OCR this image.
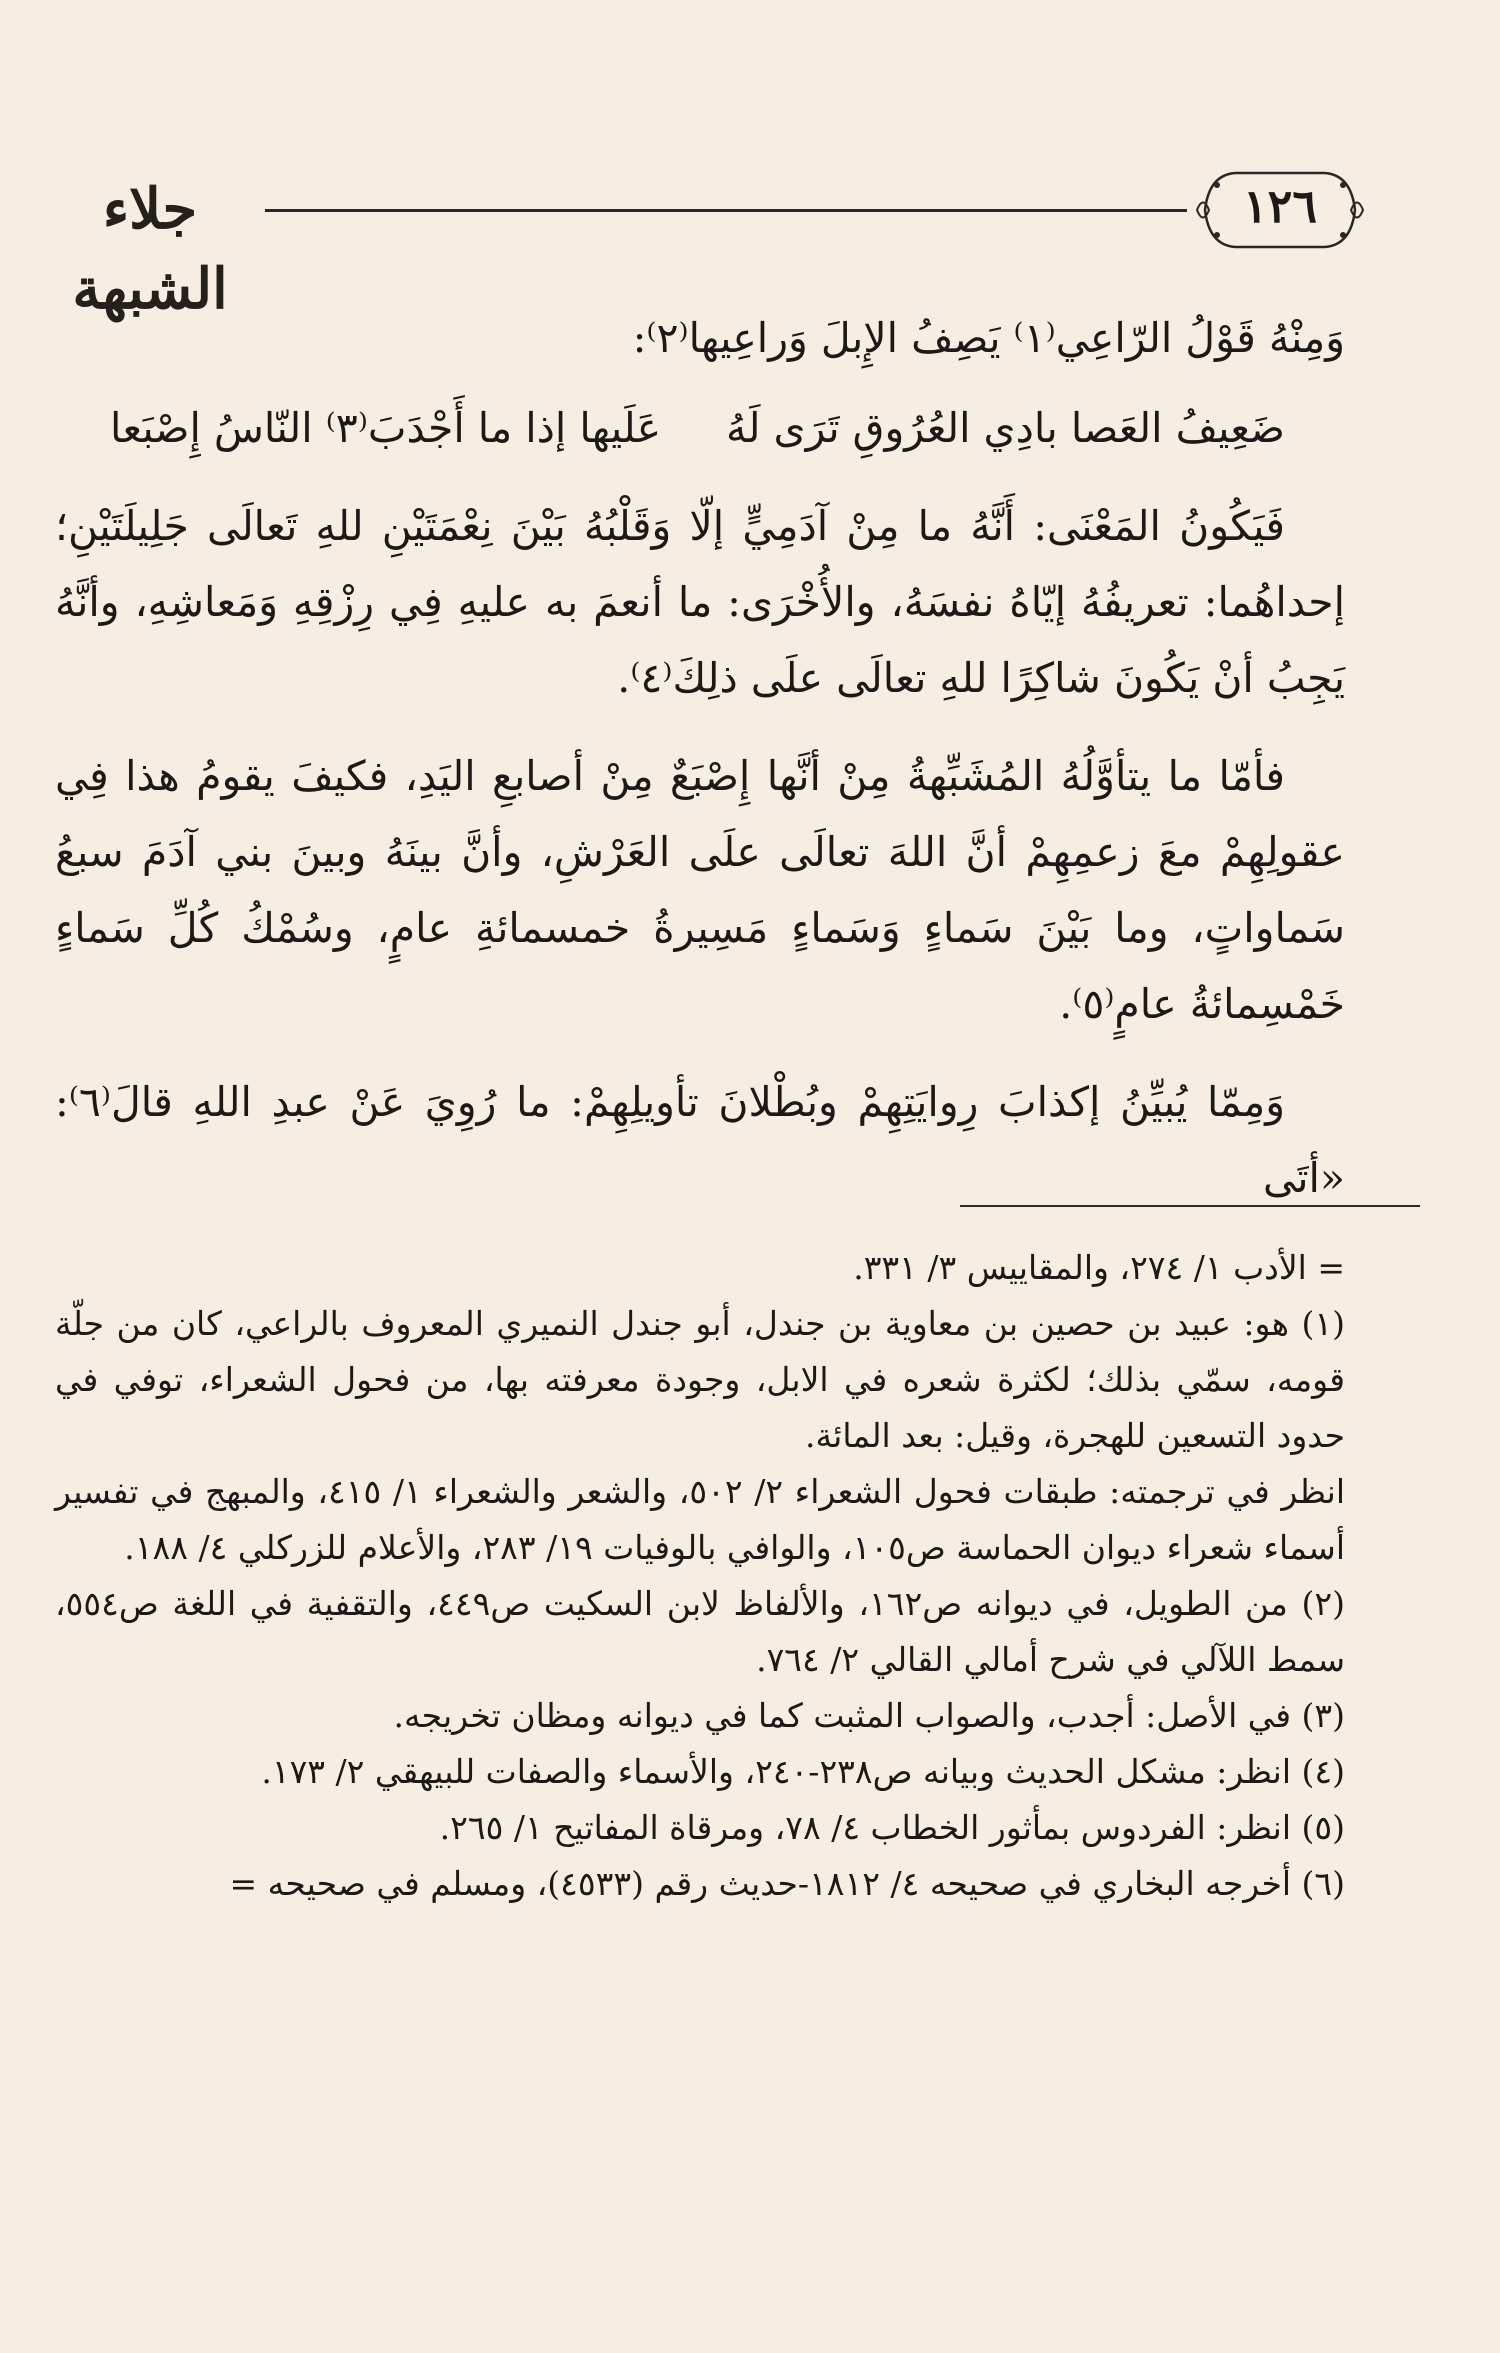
١٢٦
جلاء الشبهة

وَمِنْهُ قَوْلُ الرّاعِي⁽١⁾ يَصِفُ الإِبلَ وَراعِيها⁽٢⁾:

ضَعِيفُ العَصا بادِي العُرُوقِ تَرَى لَهُ
عَلَيها إذا ما أَجْدَبَ⁽٣⁾ النّاسُ إِصْبَعا

فَيَكُونُ المَعْنَى: أَنَّهُ ما مِنْ آدَمِيٍّ إلّا وَقَلْبُهُ بَيْنَ نِعْمَتَيْنِ للهِ تَعالَى جَلِيلَتَيْنِ؛ إحداهُما: تعريفُهُ إيّاهُ نفسَهُ، والأُخْرَى: ما أنعمَ به عليهِ فِي رِزْقِهِ وَمَعاشِهِ، وأنَّهُ يَجِبُ أنْ يَكُونَ شاكِرًا للهِ تعالَى علَى ذلِكَ⁽٤⁾.

فأمّا ما يتأوَّلُهُ المُشَبِّهةُ مِنْ أنَّها إِصْبَعٌ مِنْ أصابعِ اليَدِ، فكيفَ يقومُ هذا فِي عقولِهِمْ معَ زعمِهِمْ أنَّ اللهَ تعالَى علَى العَرْشِ، وأنَّ بينَهُ وبينَ بني آدَمَ سبعُ سَماواتٍ، وما بَيْنَ سَماءٍ وَسَماءٍ مَسِيرةُ خمسمائةِ عامٍ، وسُمْكُ كُلِّ سَماءٍ خَمْسِمائةُ عامٍ⁽٥⁾.

وَمِمّا يُبيِّنُ إكذابَ رِوايَتِهِمْ وبُطْلانَ تأويلِهِمْ: ما رُوِيَ عَنْ عبدِ اللهِ قالَ⁽٦⁾: «أتَى

= الأدب ١/ ٢٧٤، والمقاييس ٣/ ٣٣١.

(١) هو: عبيد بن حصين بن معاوية بن جندل، أبو جندل النميري المعروف بالراعي، كان من جلّة قومه، سمّي بذلك؛ لكثرة شعره في الابل، وجودة معرفته بها، من فحول الشعراء، توفي في حدود التسعين للهجرة، وقيل: بعد المائة.

انظر في ترجمته: طبقات فحول الشعراء ٢/ ٥٠٢، والشعر والشعراء ١/ ٤١٥، والمبهج في تفسير أسماء شعراء ديوان الحماسة ص١٠٥، والوافي بالوفيات ١٩/ ٢٨٣، والأعلام للزركلي ٤/ ١٨٨.

(٢) من الطويل، في ديوانه ص١٦٢، والألفاظ لابن السكيت ص٤٤٩، والتقفية في اللغة ص٥٥٤، سمط اللآلي في شرح أمالي القالي ٢/ ٧٦٤.

(٣) في الأصل: أجدب، والصواب المثبت كما في ديوانه ومظان تخريجه.

(٤) انظر: مشكل الحديث وبيانه ص٢٣٨-٢٤٠، والأسماء والصفات للبيهقي ٢/ ١٧٣.

(٥) انظر: الفردوس بمأثور الخطاب ٤/ ٧٨، ومرقاة المفاتيح ١/ ٢٦٥.

(٦) أخرجه البخاري في صحيحه ٤/ ١٨١٢-حديث رقم (٤٥٣٣)، ومسلم في صحيحه =
